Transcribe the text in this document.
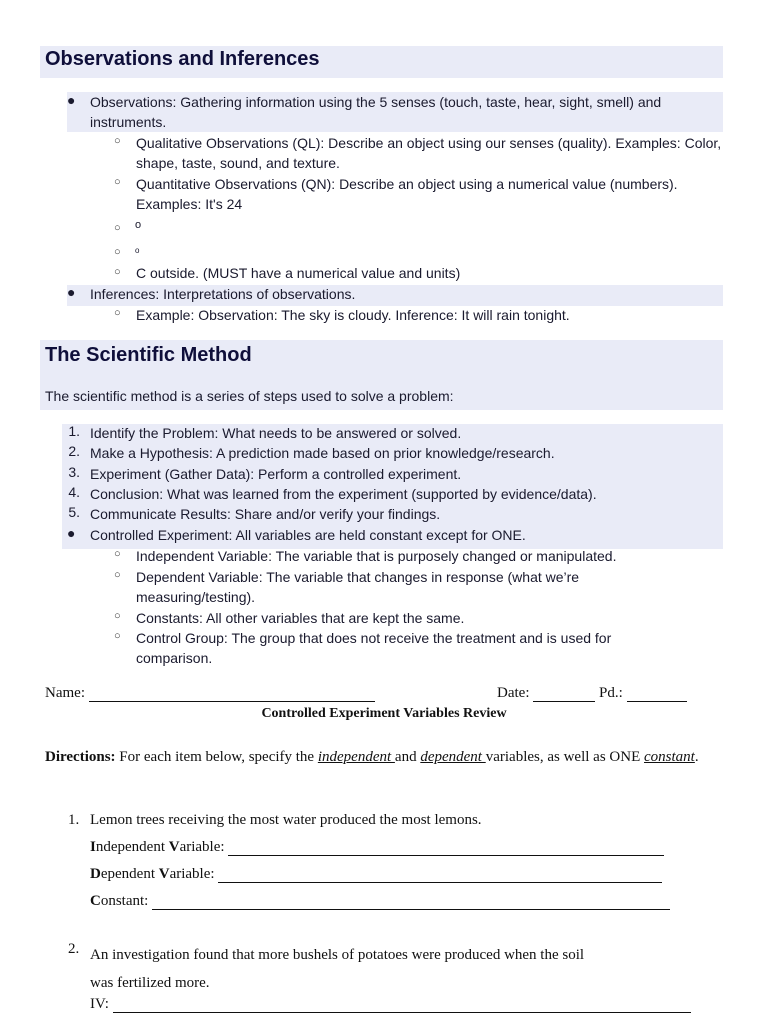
Observations and Inferences
● Observations: Gathering information using the 5 senses (touch, taste, hear, sight, smell) and instruments.
○ Qualitative Observations (QL): Describe an object using our senses (quality). Examples: Color, shape, taste, sound, and texture.
○ Quantitative Observations (QN): Describe an object using a numerical value (numbers). Examples: It's 24
○ o
○ o
○ C outside. (MUST have a numerical value and units)
● Inferences: Interpretations of observations.
○ Example: Observation: The sky is cloudy. Inference: It will rain tonight.
The Scientific Method
The scientific method is a series of steps used to solve a problem:
1. Identify the Problem: What needs to be answered or solved.
2. Make a Hypothesis: A prediction made based on prior knowledge/research.
3. Experiment (Gather Data): Perform a controlled experiment.
4. Conclusion: What was learned from the experiment (supported by evidence/data).
5. Communicate Results: Share and/or verify your findings.
● Controlled Experiment: All variables are held constant except for ONE.
○ Independent Variable: The variable that is purposely changed or manipulated.
○ Dependent Variable: The variable that changes in response (what we’re measuring/testing).
○ Constants: All other variables that are kept the same.
○ Control Group: The group that does not receive the treatment and is used for comparison.
Name:	Date:	Pd.:
Controlled Experiment Variables Review
Directions: For each item below, specify the independent and dependent variables, as well as ONE constant.
1. Lemon trees receiving the most water produced the most lemons.
Independent Variable:
Dependent Variable:
Constant:
2. An investigation found that more bushels of potatoes were produced when the soil
was fertilized more.
IV:
